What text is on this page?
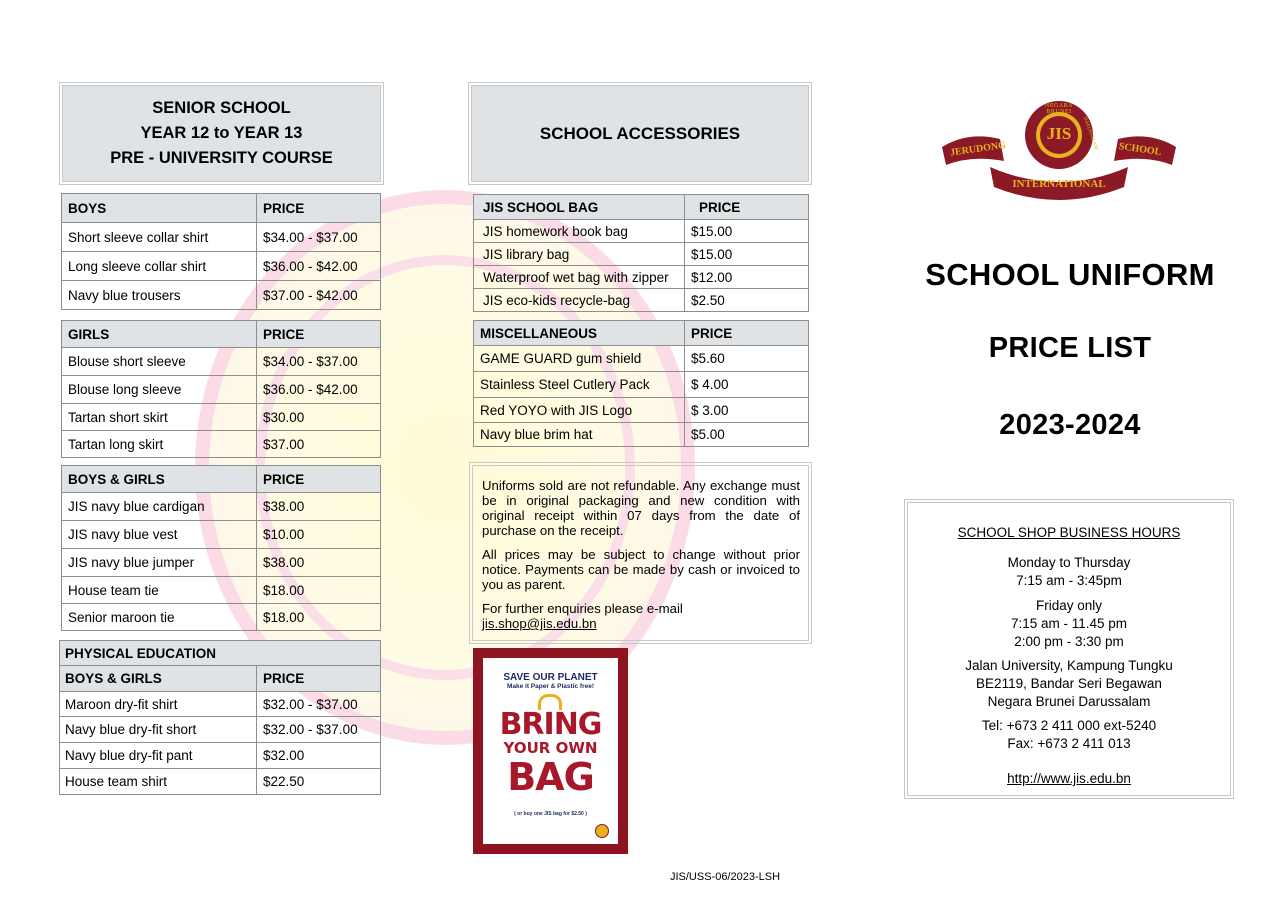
SENIOR SCHOOL
YEAR 12 to YEAR 13
PRE - UNIVERSITY COURSE
BOYS	PRICE
Short sleeve collar shirt	$34.00 - $37.00
Long sleeve collar shirt	$36.00 - $42.00
Navy blue trousers	$37.00 - $42.00
GIRLS	PRICE
Blouse short sleeve	$34.00 - $37.00
Blouse long sleeve	$36.00 - $42.00
Tartan short skirt	$30.00
Tartan long skirt	$37.00
BOYS & GIRLS	PRICE
JIS navy blue cardigan	$38.00
JIS navy blue vest	$10.00
JIS navy blue jumper	$38.00
House team tie	$18.00
Senior maroon tie	$18.00
PHYSICAL EDUCATION	
BOYS & GIRLS	PRICE
Maroon dry-fit shirt	$32.00 - $37.00
Navy blue dry-fit short	$32.00 - $37.00
Navy blue dry-fit pant	$32.00
House team shirt	$22.50
SCHOOL ACCESSORIES
JIS SCHOOL BAG	PRICE
JIS homework book bag	$15.00
JIS library bag	$15.00
Waterproof wet bag with zipper	$12.00
JIS eco-kids recycle-bag	$2.50
MISCELLANEOUS	PRICE
GAME GUARD gum shield	$5.60
Stainless Steel Cutlery Pack	$ 4.00
Red YOYO with JIS Logo	$ 3.00
Navy blue brim hat	$5.00

Uniforms sold are not refundable. Any exchange must be in original packaging and new condition with original receipt within 07 days from the date of purchase on the receipt.

All prices may be subject to change without prior notice. Payments can be made by cash or invoiced to you as parent.

For further enquiries please e-mail
jis.shop@jis.edu.bn

SAVE OUR PLANET
Make it Paper & Plastic free!
BRING
YOUR OWN
BAG
( or buy one JIS bag for $2.50 )
JIS
NEGARA BRUNEI
DARUSSALAM
JERUDONG	SCHOOL
INTERNATIONAL
SCHOOL UNIFORM
PRICE LIST
2023-2024
SCHOOL SHOP BUSINESS HOURS
Monday to Thursday
7:15 am - 3:45pm
Friday only
7:15 am - 11.45 pm
2:00 pm - 3:30 pm
Jalan University, Kampung Tungku
BE2119, Bandar Seri Begawan
Negara Brunei Darussalam
Tel: +673 2 411 000 ext-5240
Fax: +673 2 411 013
http://www.jis.edu.bn
JIS/USS-06/2023-LSH
